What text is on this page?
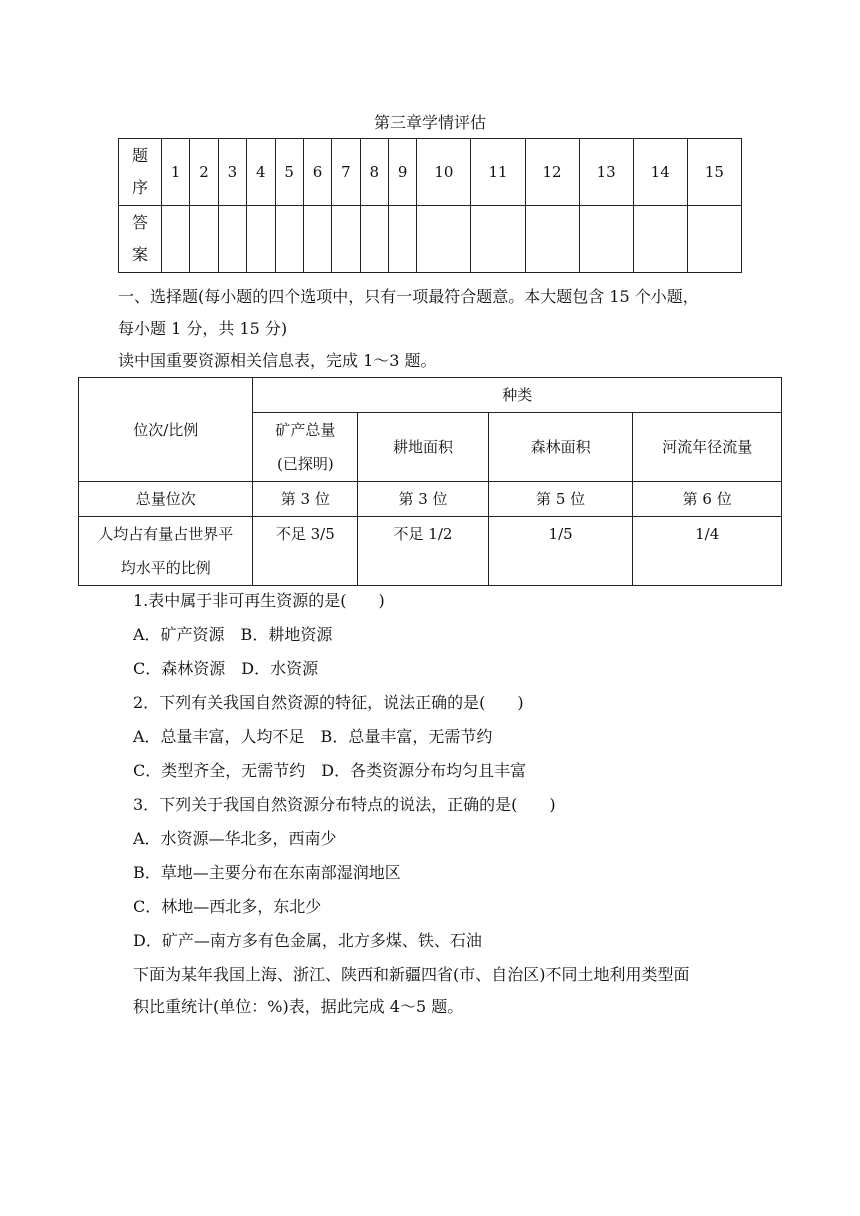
第三章学情评估
题
序	1	2	3	4	5	6	7	8	9	10	11	12	13	14	15

答
案															

一、选择题(每小题的四个选项中，只有一项最符合题意。本大题包含 15 个小题，
每小题 1 分，共 15 分)
读中国重要资源相关信息表，完成 1～3 题。
位次/比例	种类			

	矿产总量
(已探明)	耕地面积	森林面积	河流年径流量
总量位次	第 3 位	第 3 位	第 5 位	第 6 位

人均占有量占世界平
均水平的比例	不足 3/5	不足 1/2	1/5	1/4
1.表中属于非可再生资源的是(　　)
A．矿产资源　B．耕地资源
C．森林资源　D．水资源
2．下列有关我国自然资源的特征，说法正确的是(　　)
A．总量丰富，人均不足　B．总量丰富，无需节约
C．类型齐全，无需节约　D．各类资源分布均匀且丰富
3．下列关于我国自然资源分布特点的说法，正确的是(　　)
A．水资源—华北多，西南少
B．草地—主要分布在东南部湿润地区
C．林地—西北多，东北少
D．矿产—南方多有色金属，北方多煤、铁、石油
下面为某年我国上海、浙江、陕西和新疆四省(市、自治区)不同土地利用类型面
积比重统计(单位：%)表，据此完成 4～5 题。
